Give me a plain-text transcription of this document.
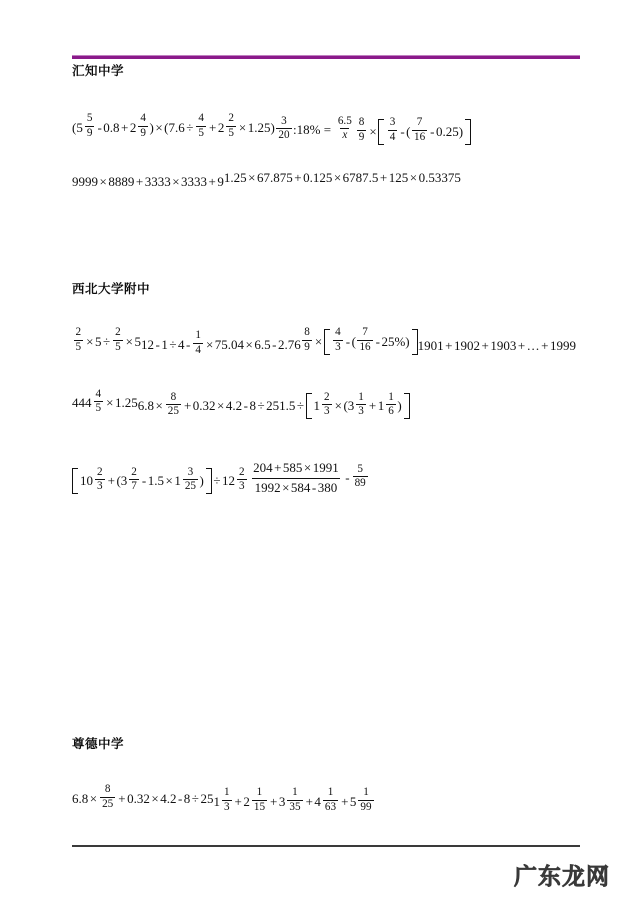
汇知中学
( $5 \frac{5}{9} - 0.8 + 2 \frac{4}{9}$ ) × ( $7.6 \div \frac{4}{5} + 2 \frac{2}{5} \times 1.25) \frac{3}{20}$ :18% = $\frac{6.5}{x} \frac{8}{9} \times \frac{3}{4}$ - ( $\frac{7}{16} - 0.25$)
9999 × 8889 + 3333 × 3333 + 9 1.25 × 67.875 + 0.125 × 6787.5 + 125 × 0.53375
西北大学附中
$\frac{2}{5} \times 5 \div \frac{2}{5} \times 5$ $12 - 1 \div 4 - \frac{1}{4} \times 7$ $5.04 \times 6.5 - 2.76 \frac{8}{9} \times \frac{4}{3}$ - ( $\frac{7}{16} - 25\%$) 1901 + 1902 + 1903 + … + 1999
$444 \frac{4}{5} \times 1.25$ $6.8 \times \frac{8}{25} + 0.32 \times 4.2 - 8 \div 25$ $1.5 \div 1 \frac{2}{3}$ × ( $3 \frac{1}{3} + 1 \frac{1}{6}$ )
$10 \frac{2}{3}$ + ( $3 \frac{2}{7} - 1.5 \times 1 \frac{3}{25}$ ) ÷ $12 \frac{2}{3} \frac{204 + 585 \times 1991}{1992 \times 584 - 380} - \frac{5}{89}$
尊德中学
$6.8 \times \frac{8}{25} + 0.32 \times 4.2 - 8 \div 25$ $1 \frac{1}{3} + 2 \frac{1}{15} + 3 \frac{1}{35} + 4 \frac{1}{63} + 5 \frac{1}{99}$
广东龙网
